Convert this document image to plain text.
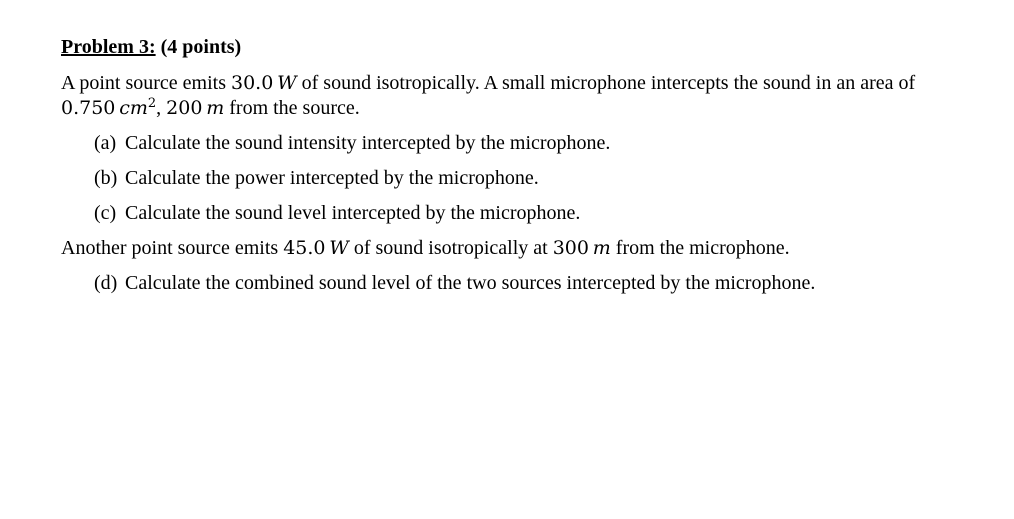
Problem 3: (4 points)

A point source emits 30.0  W of sound isotropically. A small microphone intercepts the sound in an area of 0.750  $cm^2$, 200  m from the source.

(a) Calculate the sound intensity intercepted by the microphone.
(b) Calculate the power intercepted by the microphone.
(c) Calculate the sound level intercepted by the microphone.

Another point source emits 45.0  W of sound isotropically at 300  m from the microphone.

(d) Calculate the combined sound level of the two sources intercepted by the microphone.
